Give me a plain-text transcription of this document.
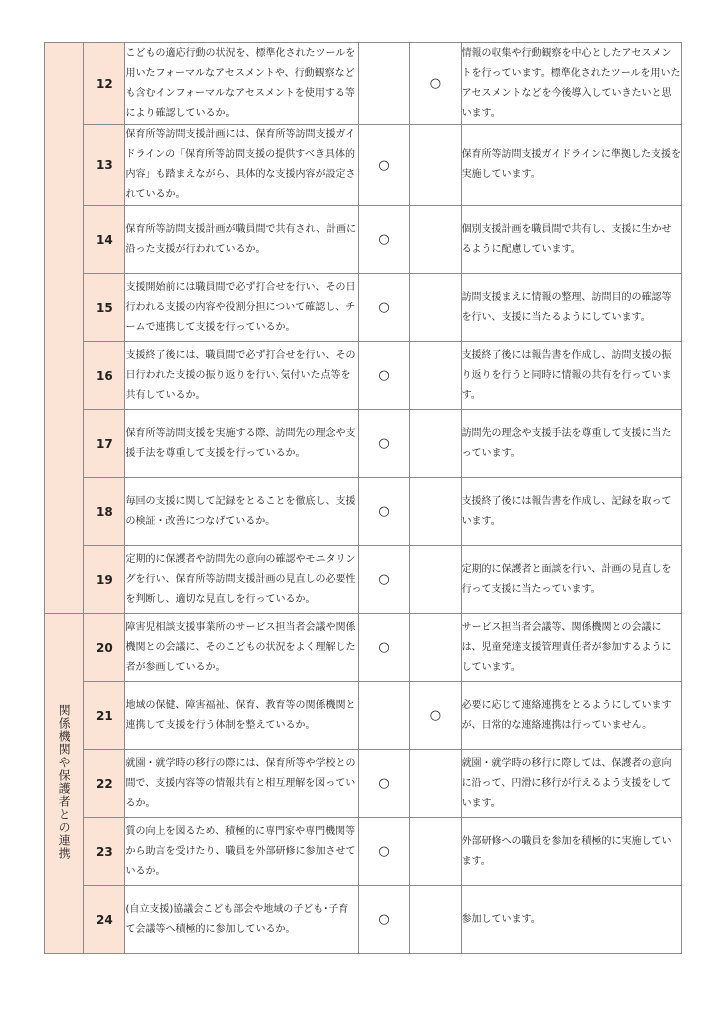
	12	こどもの適応行動の状況を、標準化されたツールを用いたフォーマルなアセスメントや、行動観察なども含むインフォーマルなアセスメントを使用する等により確認しているか。		○	情報の収集や行動観察を中心としたアセスメントを行っています。標準化されたツールを用いたアセスメントなどを今後導入していきたいと思います。
	13	保育所等訪問支援計画には、保育所等訪問支援ガイドラインの「保育所等訪問支援の提供すべき具体的内容」も踏まえながら、具体的な支援内容が設定されているか。	○		保育所等訪問支援ガイドラインに準拠した支援を実施しています。
	14	保育所等訪問支援計画が職員間で共有され、計画に沿った支援が行われているか。	○		個別支援計画を職員間で共有し、支援に生かせるように配慮しています。
	15	支援開始前には職員間で必ず打合せを行い、その日行われる支援の内容や役割分担について確認し、チームで連携して支援を行っているか。	○		訪問支援まえに情報の整理、訪問目的の確認等を行い、支援に当たるようにしています。
	16	支援終了後には、職員間で必ず打合せを行い、その日行われた支援の振り返りを行い､気付いた点等を共有しているか。	○		支援終了後には報告書を作成し、訪問支援の振り返りを行うと同時に情報の共有を行っています。
	17	保育所等訪問支援を実施する際、訪問先の理念や支援手法を尊重して支援を行っているか。	○		訪問先の理念や支援手法を尊重して支援に当たっています。
	18	毎回の支援に関して記録をとることを徹底し、支援の検証・改善につなげているか。	○		支援終了後には報告書を作成し、記録を取っています。
	19	定期的に保護者や訪問先の意向の確認やモニタリングを行い、保育所等訪問支援計画の見直しの必要性を判断し、適切な見直しを行っているか。	○		定期的に保護者と面談を行い、計画の見直しを行って支援に当たっています。
関係機関や保護者との連携	20	障害児相談支援事業所のサービス担当者会議や関係機関との会議に、そのこどもの状況をよく理解した者が参画しているか。	○		サービス担当者会議等、関係機関との会議には、児童発達支援管理責任者が参加するようにしています。
	21	地域の保健、障害福祉、保育、教育等の関係機関と連携して支援を行う体制を整えているか。		○	必要に応じて連絡連携をとるようにしていますが、日常的な連絡連携は行っていません。
	22	就園・就学時の移行の際には、保育所等や学校との間で、支援内容等の情報共有と相互理解を図っているか。	○		就園・就学時の移行に際しては、保護者の意向に沿って、円滑に移行が行えるよう支援をしています。
	23	質の向上を図るため、積極的に専門家や専門機関等から助言を受けたり、職員を外部研修に参加させているか。	○		外部研修への職員を参加を積極的に実施しています。
	24	(自立支援)協議会こども部会や地域の子ども･子育て会議等へ積極的に参加しているか。	○		参加しています。
